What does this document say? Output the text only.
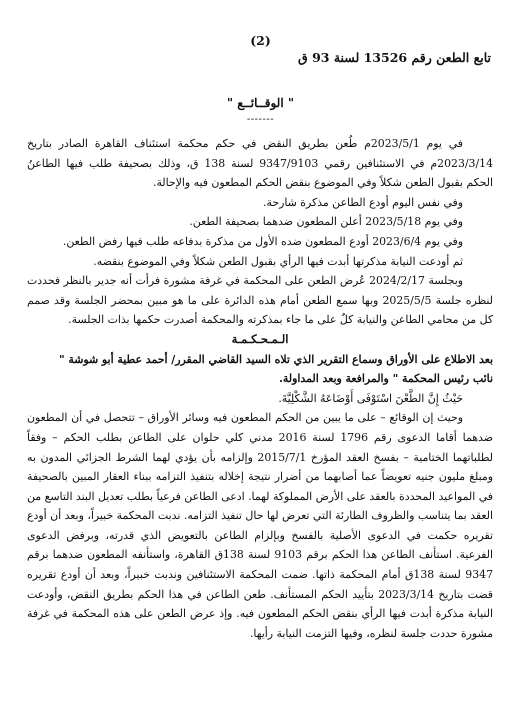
(2)
تابع الطعن رقم 13526 لسنة 93 ق
" الوقــائــع "
-------

في يوم 2023/5/1م طُعن بطريق النقض في حكم محكمة استئناف القاهرة الصادر بتاريخ 2023/3/14م في الاستئنافين رقمي 9347/9103 لسنة 138 ق، وذلك بصحيفة طلب فيها الطاعنُ الحكم بقبول الطعن شكلاً وفي الموضوع بنقض الحكم المطعون فيه والإحالة.

وفي نفس اليوم أودع الطاعن مذكرة شارحة.

وفي يوم 2023/5/18 أعلن المطعون ضدهما بصحيفة الطعن.

وفي يوم 2023/6/4 أودع المطعون ضده الأول من مذكرة بدفاعه طلب فيها رفض الطعن.

ثم أودعت النيابة مذكرتها أبدت فيها الرأي بقبول الطعن شكلاً وفي الموضوع بنقضه.

وبجلسة 2024/2/17 عُرض الطعن على المحكمة في غرفة مشورة فرأت أنه جدير بالنظر فحددت لنظره جلسة 2025/5/5 وبها سمع الطعن أمام هذه الدائرة على ما هو مبين بمحضر الجلسة وقد صمم كل من محامي الطاعن والنيابة كلٌ على ما جاء بمذكرته والمحكمة أصدرت حكمها بذات الجلسة.

الـمـحـكـمـة

بعد الاطلاع على الأوراق وسماع التقرير الذي تلاه السيد القاضي المقرر/ أحمد عطية أبو شوشة "

نائب رئيس المحكمة " والمرافعة وبعد المداولة.

حَيْثُ إِنَّ الطَّعْنَ اسْتَوْفَى أَوْضَاعَهُ الشَّكْلِيَّةَ.

وحيث إن الوقائع – على ما يبين من الحكم المطعون فيه وسائر الأوراق – تتحصل في أن المطعون ضدهما أقاما الدعوى رقم 1796 لسنة 2016 مدني كلي حلوان على الطاعن بطلب الحكم – وفقاً لطلباتهما الختامية – بفسخ العقد المؤرخ 2015/7/1 وإلزامه بأن يؤدي لهما الشرط الجزائي المدون به ومبلغ مليون جنيه تعويضاً عما أصابهما من أضرار نتيجة إخلاله بتنفيذ التزامه ببناء العقار المبين بالصحيفة في المواعيد المحددة بالعقد على الأرض المملوكة لهما. ادعى الطاعن فرعياً بطلب تعديل البند التاسع من العقد بما يتناسب والظروف الطارئة التي تعرض لها حال تنفيذ التزامه. ندبت المحكمة خبيراً، وبعد أن أودع تقريره حكمت في الدعوى الأصلية بالفسخ وبإلزام الطاعن بالتعويض الذي قدرته، وبرفض الدعوى الفرعية. استأنف الطاعن هذا الحكم برقم 9103 لسنة 138ق القاهرة، واستأنفه المطعون ضدهما برقم 9347 لسنة 138ق أمام المحكمة ذاتها. ضمت المحكمة الاستئنافين وندبت خبيراً، وبعد أن أودع تقريره قضت بتاريخ 2023/3/14 بتأييد الحكم المستأنف. طعن الطاعن في هذا الحكم بطريق النقض، وأودعت النيابة مذكرة أبدت فيها الرأي بنقض الحكم المطعون فيه. وإذ عرض الطعن على هذه المحكمة في غرفة مشورة حددت جلسة لنظره، وفيها التزمت النيابة رأيها.
